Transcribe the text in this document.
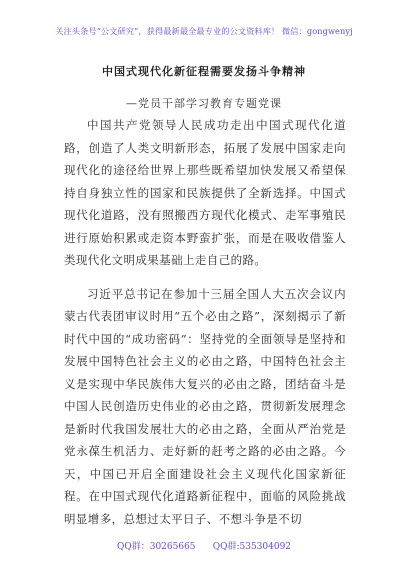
关注头条号“公文研究”，获得最新最全最专业的公文资料库！ 微信：gongwenyj
中国式现代化新征程需要发扬斗争精神
—党员干部学习教育专题党课

中国共产党领导人民成功走出中国式现代化道路，创造了人类文明新形态，拓展了发展中国家走向现代化的途径给世界上那些既希望加快发展又希望保持自身独立性的国家和民族提供了全新选择。中国式现代化道路，没有照搬西方现代化模式、走军事殖民进行原始积累或走资本野蛮扩张，而是在吸收借鉴人类现代化文明成果基础上走自己的路。

习近平总书记在参加十三届全国人大五次会议内蒙古代表团审议时用“五个必由之路”，深刻揭示了新时代中国的“成功密码”：坚持党的全面领导是坚持和发展中国特色社会主义的必由之路，中国特色社会主义是实现中华民族伟大复兴的必由之路，团结奋斗是中国人民创造历史伟业的必由之路，贯彻新发展理念是新时代我国发展壮大的必由之路，全面从严治党是党永葆生机活力、走好新的赶考之路的必由之路。今天，中国已开启全面建设社会主义现代化国家新征程。在中国式现代化道路新征程中，面临的风险挑战明显增多，总想过太平日子、不想斗争是不切

QQ群：30265665      QQ群:535304092
